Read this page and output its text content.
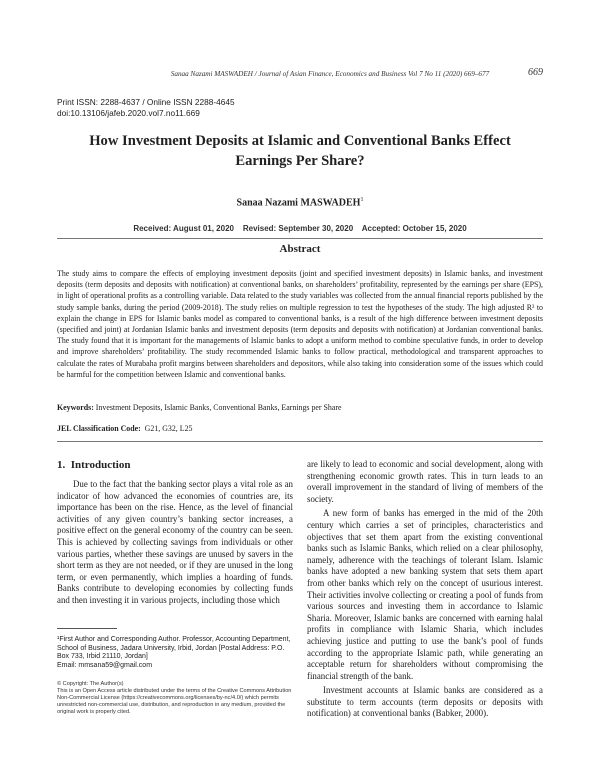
Sanaa Nazami MASWADEH / Journal of Asian Finance, Economics and Business Vol 7 No 11 (2020) 669–677	669
Print ISSN: 2288-4637 / Online ISSN 2288-4645
doi:10.13106/jafeb.2020.vol7.no11.669
How Investment Deposits at Islamic and Conventional Banks Effect
Earnings Per Share?
Sanaa Nazami MASWADEH$^1$
Received: August 01, 2020    Revised: September 30, 2020    Accepted: October 15, 2020
Abstract
The study aims to compare the effects of employing investment deposits (joint and specified investment deposits) in Islamic banks, and investment deposits (term deposits and deposits with notification) at conventional banks, on shareholders’ profitability, represented by the earnings per share (EPS), in light of operational profits as a controlling variable. Data related to the study variables was collected from the annual financial reports published by the study sample banks, during the period (2009-2018). The study relies on multiple regression to test the hypotheses of the study. The high adjusted R² to explain the change in EPS for Islamic banks model as compared to conventional banks, is a result of the high difference between investment deposits (specified and joint) at Jordanian Islamic banks and investment deposits (term deposits and deposits with notification) at Jordanian conventional banks. The study found that it is important for the managements of Islamic banks to adopt a uniform method to combine speculative funds, in order to develop and improve shareholders’ profitability. The study recommended Islamic banks to follow practical, methodological and transparent approaches to calculate the rates of Murabaha profit margins between shareholders and depositors, while also taking into consideration some of the issues which could be harmful for the competition between Islamic and conventional banks.
Keywords: Investment Deposits, Islamic Banks, Conventional Banks, Earnings per Share
JEL Classification Code:  G21, G32, L25
1.  Introduction

Due to the fact that the banking sector plays a vital role as an indicator of how advanced the economies of countries are, its importance has been on the rise. Hence, as the level of financial activities of any given country’s banking sector increases, a positive effect on the general economy of the country can be seen. This is achieved by collecting savings from individuals or other various parties, whether these savings are unused by savers in the short term as they are not needed, or if they are unused in the long term, or even permanently, which implies a hoarding of funds. Banks contribute to developing economies by collecting funds and then investing it in various projects, including those which

are likely to lead to economic and social development, along with strengthening economic growth rates. This in turn leads to an overall improvement in the standard of living of members of the society.

A new form of banks has emerged in the mid of the 20th century which carries a set of principles, characteristics and objectives that set them apart from the existing conventional banks such as Islamic Banks, which relied on a clear philosophy, namely, adherence with the teachings of tolerant Islam. Islamic banks have adopted a new banking system that sets them apart from other banks which rely on the concept of usurious interest. Their activities involve collecting or creating a pool of funds from various sources and investing them in accordance to Islamic Sharia. Moreover, Islamic banks are concerned with earning halal profits in compliance with Islamic Sharia, which includes achieving justice and putting to use the bank’s pool of funds according to the appropriate Islamic path, while generating an acceptable return for shareholders without compromising the financial strength of the bank.

Investment accounts at Islamic banks are considered as a substitute to term accounts (term deposits or deposits with notification) at conventional banks (Babker, 2000).

¹First Author and Corresponding Author. Professor, Accounting Department, School of Business, Jadara University, Irbid, Jordan [Postal Address: P.O. Box 733, Irbid 21110, Jordan]

Email: mmsana59@gmail.com

© Copyright: The Author(s)

This is an Open Access article distributed under the terms of the Creative Commons Attribution Non-Commercial License (https://creativecommons.org/licenses/by-nc/4.0/) which permits unrestricted non-commercial use, distribution, and reproduction in any medium, provided the original work is properly cited.
